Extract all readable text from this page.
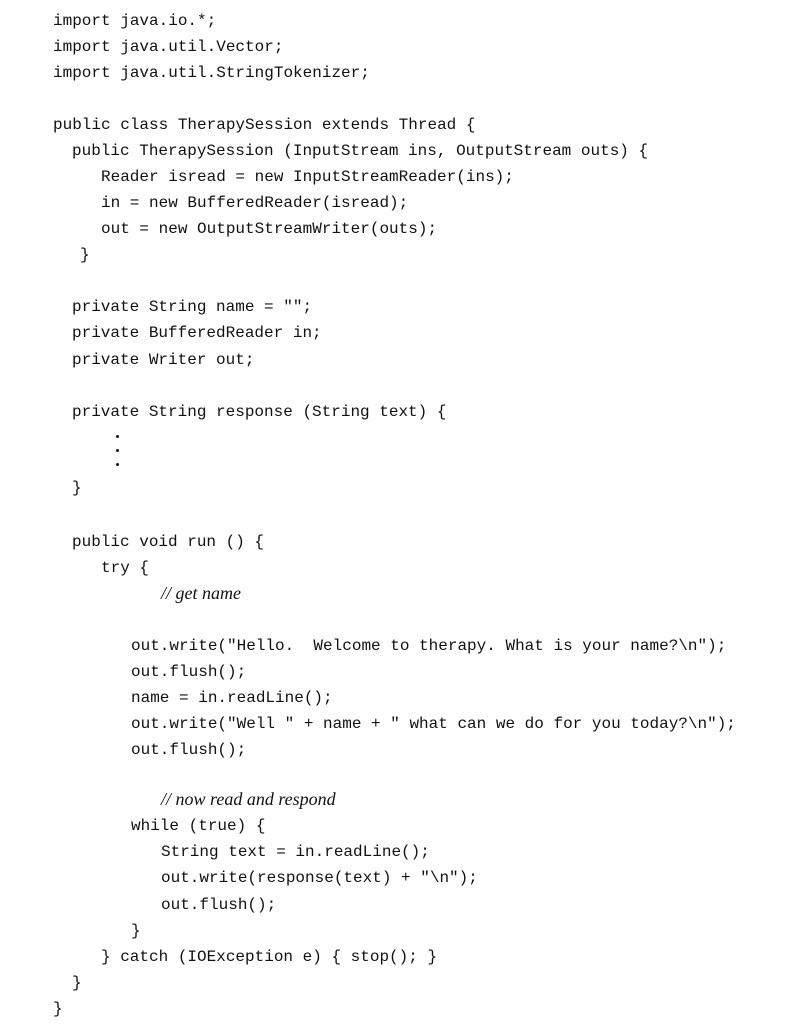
import java.io.*;
import java.util.Vector;
import java.util.StringTokenizer;
public class TherapySession extends Thread {
public TherapySession (InputStream ins, OutputStream outs) {
Reader isread = new InputStreamReader(ins);
in = new BufferedReader(isread);
out = new OutputStreamWriter(outs);
}
private String name = "";
private BufferedReader in;
private Writer out;
private String response (String text) {
}
public void run () {
try {
// get name
out.write("Hello.  Welcome to therapy. What is your name?\n");
out.flush();
name = in.readLine();
out.write("Well " + name + " what can we do for you today?\n");
out.flush();
// now read and respond
while (true) {
String text = in.readLine();
out.write(response(text) + "\n");
out.flush();
}
} catch (IOException e) { stop(); }
}
}
